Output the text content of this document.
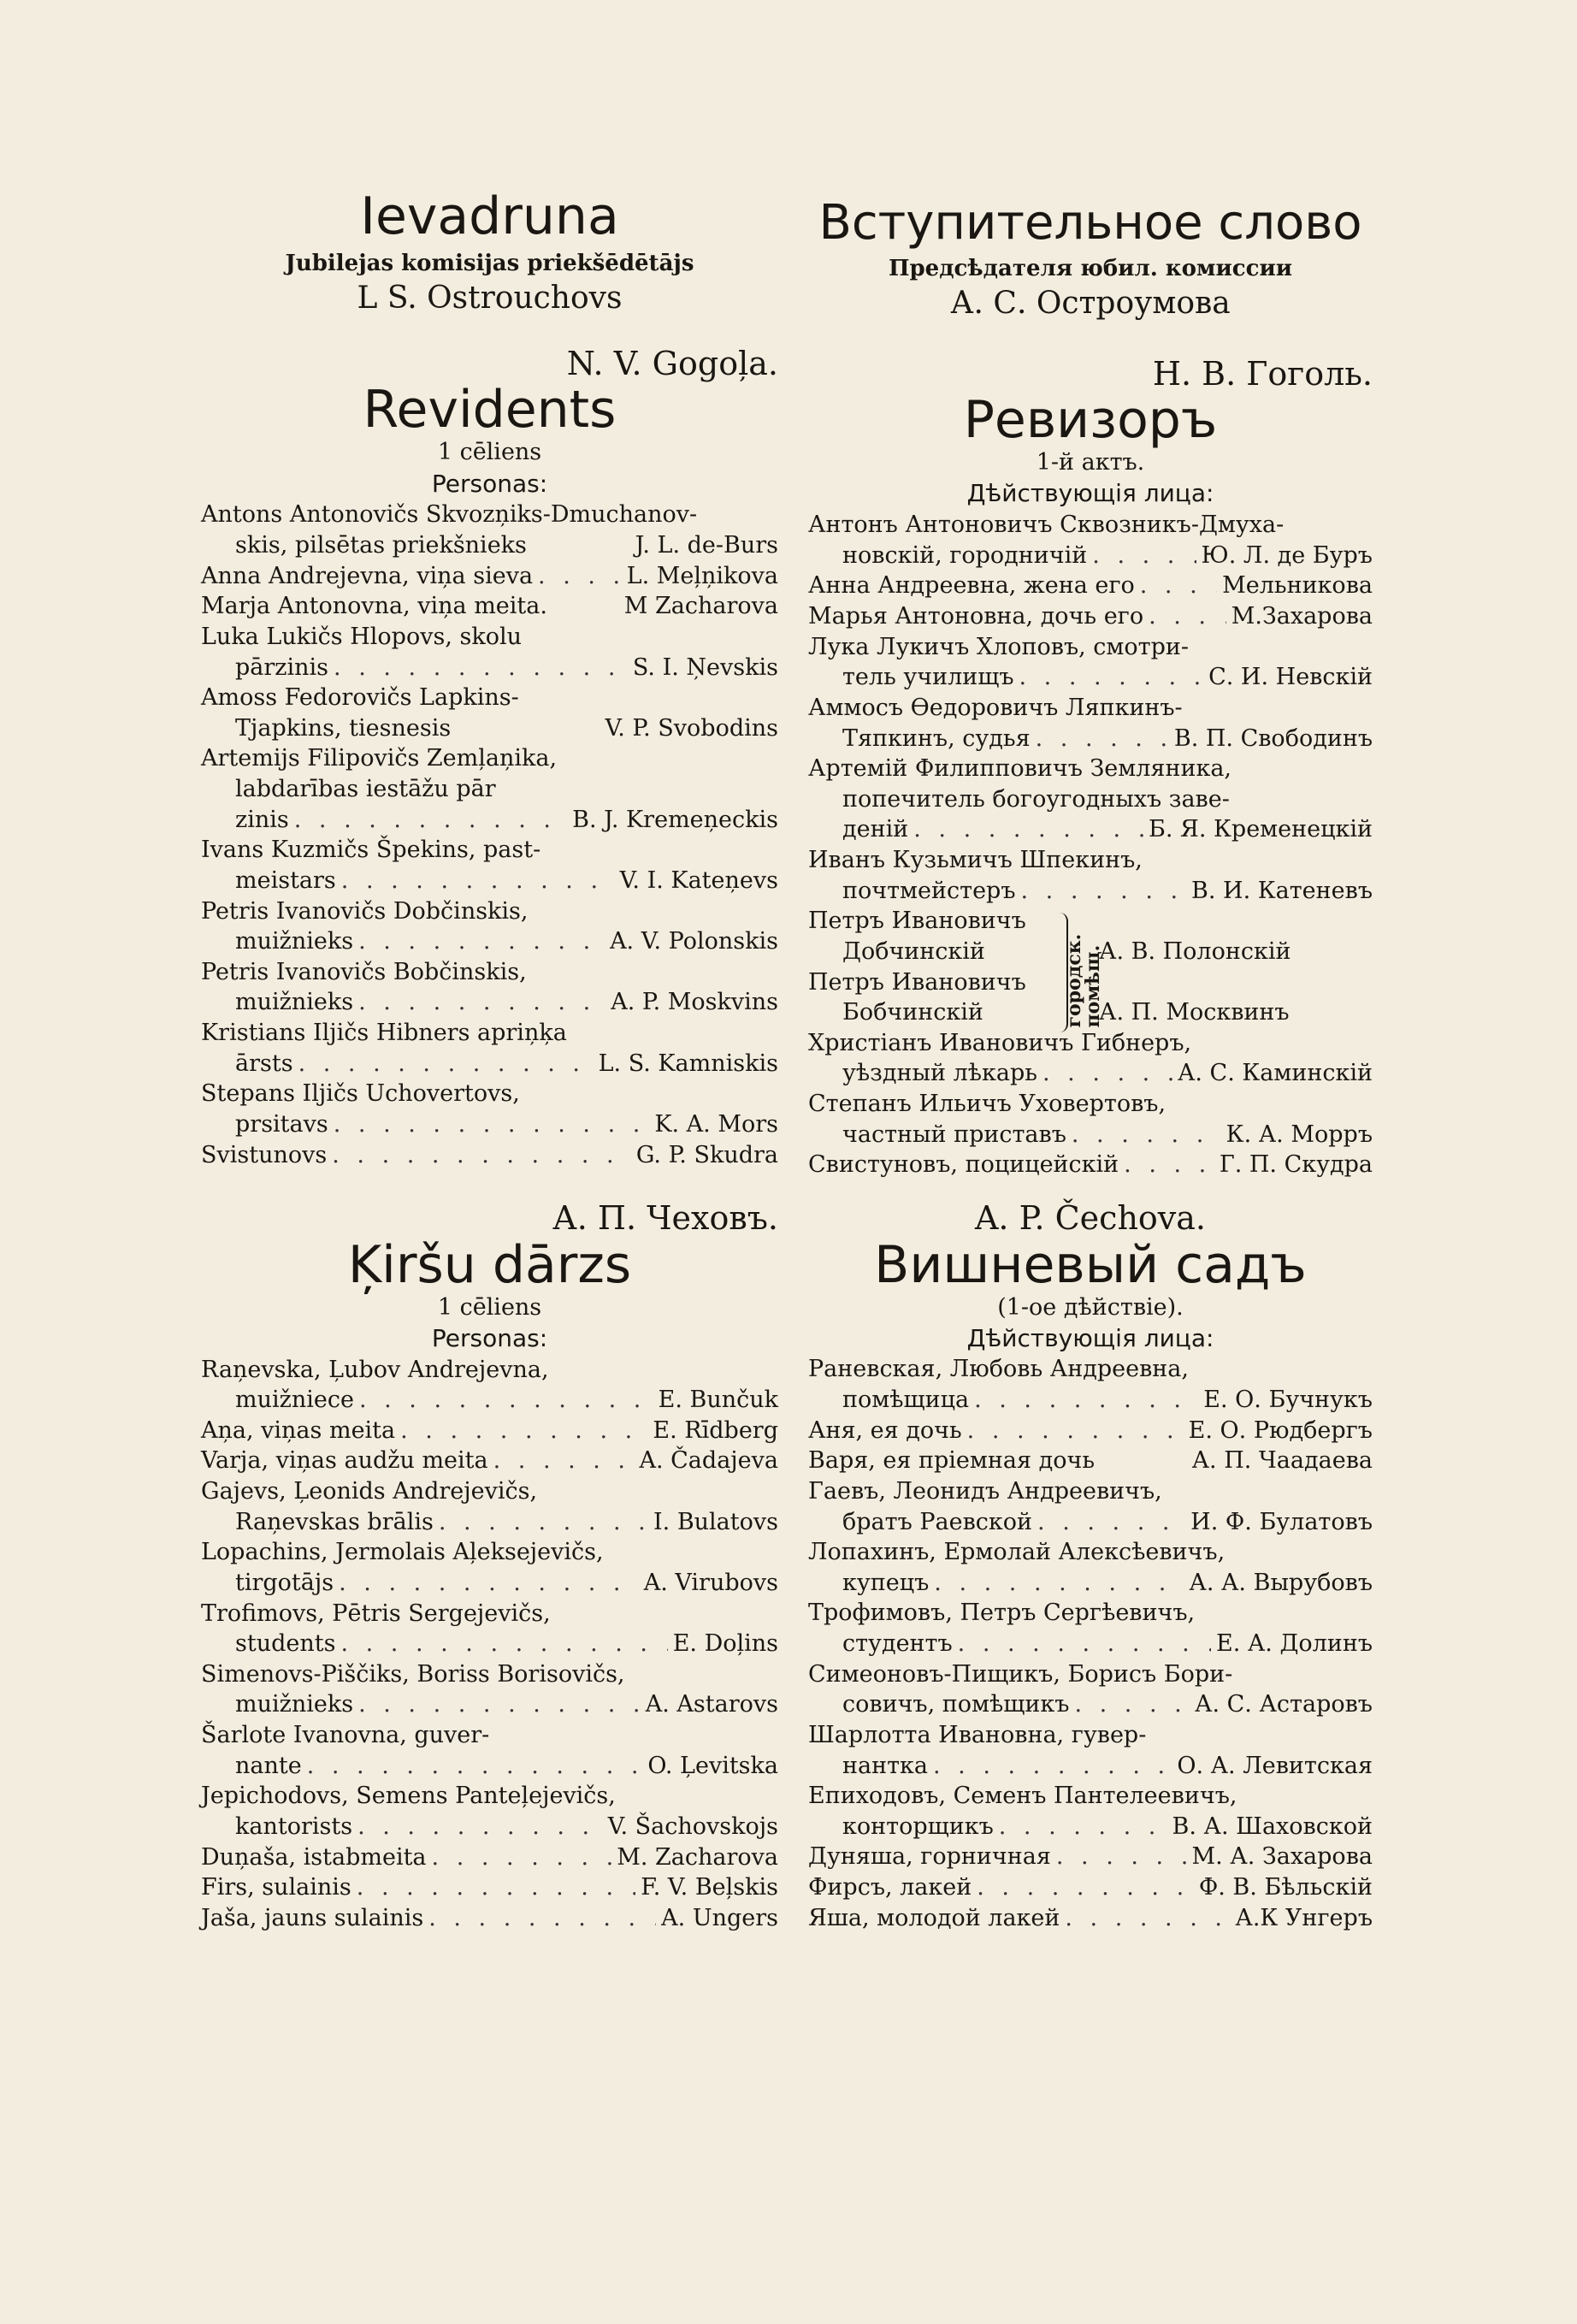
Ievadruna

Jubilejas komisijas priekšēdētājs

L S. Ostrouchovs

N. V. Gogoļa.

Revidents

1 cēliens

Personas:

Antons Antonovičs Skvozņiks-Dmuchanov-
skis, pilsētas priekšnieks	J. L. de-Burs
Anna Andrejevna, viņa sieva . . .	L. Meļņikova
Marja Antonovna, viņa meita.	M Zacharova
Luka Lukičs Hlopovs, skolu
pārzinis . . .	S. I. Ņevskis
Amoss Fedorovičs Lapkins-
Tjapkins, tiesnesis	V. P. Svobodins
Artemijs Filipovičs Zemļaņika,
labdarības iestāžu pār
zinis . . .	B. J. Kremeņeckis
Ivans Kuzmičs Špekins, past-
meistars . . .	V. I. Kateņevs
Petris Ivanovičs Dobčinskis,
muižnieks . . .	A. V. Polonskis
Petris Ivanovičs Bobčinskis,
muižnieks . . .	A. P. Moskvins
Kristians Iljičs Hibners apriņķa
ārsts . . .	L. S. Kamniskis
Stepans Iljičs Uchovertovs,
prsitavs . . .	K. A. Mors
Svistunovs . . .	G. P. Skudra

А. П. Чеховъ.

Ķiršu dārzs

1 cēliens

Personas:

Raņevska, Ļubov Andrejevna,
muižniece . . .	E. Bunčuk
Aņa, viņas meita . . .	E. Rīdberg
Varja, viņas audžu meita . . .	A. Čadajeva
Gajevs, Ļeonids Andrejevičs,
Raņevskas brālis . . .	I. Bulatovs
Lopachins, Jermolais Aļeksejevičs,
tirgotājs . . .	A. Virubovs
Trofimovs, Pētris Sergejevičs,
students . . .	E. Doļins
Simenovs-Piščiks, Boriss Borisovičs,
muižnieks . . .	A. Astarovs
Šarlote Ivanovna, guver-
nante . . .	O. Ļevitska
Jepichodovs, Semens Panteļejevičs,
kantorists . . .	V. Šachovskojs
Duņaša, istabmeita . . .	M. Zacharova
Firs, sulainis . . .	F. V. Beļskis
Jaša, jauns sulainis . . .	A. Ungers
Вступительное слово

Предсѣдателя юбил. комиссии

А. С. Остроумова

Н. В. Гоголь.

Ревизоръ

1-й актъ.

Дѣйствующія лица:

Антонъ Антоновичъ Сквозникъ-Дмуха-
новскій, городничій . . .	Ю. Л. де Буръ
Анна Андреевна, жена его . . .	Мельникова
Марья Антоновна, дочь его . . .	М.Захарова
Лука Лукичъ Хлоповъ, смотри-
тель училищъ . . .	С. И. Невскій
Аммосъ Өедоровичъ Ляпкинъ-
Тяпкинъ, судья . . .	В. П. Свободинъ
Артемій Филипповичъ Земляника,
попечитель богоугодныхъ заве-
деній . . .	Б. Я. Кременецкій
Иванъ Кузьмичъ Шпекинъ,
почтмейстеръ . . .	В. И. Катеневъ
Петръ Ивановичъ
Добчинскій	А. В. Полонскій
Петръ Ивановичъ
Бобчинскій	А. П. Москвинъ
городск. помѣщ.
Христіанъ Ивановичъ Гибнеръ,
уѣздный лѣкарь . . .	А. С. Каминскій
Степанъ Ильичъ Уховертовъ,
частный приставъ . . .	К. А. Морръ
Свистуновъ, поцицейскій . . .	Г. П. Скудра

A. P. Čechova.

Вишневый садъ

(1-ое дѣйствіе).

Дѣйствующія лица:

Раневская, Любовь Андреевна,
помѣщица . . .	Е. О. Бучнукъ
Аня, ея дочь . . .	Е. О. Рюдбергъ
Варя, ея пріемная дочь	А. П. Чаадаева
Гаевъ, Леонидъ Андреевичъ,
братъ Раевской . . .	И. Ф. Булатовъ
Лопахинъ, Ермолай Алексѣевичъ,
купецъ . . .	А. А. Вырубовъ
Трофимовъ, Петръ Сергѣевичъ,
студентъ . . .	Е. А. Долинъ
Симеоновъ-Пищикъ, Борисъ Бори-
совичъ, помѣщикъ . . .	А. С. Астаровъ
Шарлотта Ивановна, гувер-
нантка . . .	О. А. Левитская
Епиходовъ, Семенъ Пантелеевичъ,
конторщикъ . . .	В. А. Шаховской
Дуняша, горничная . . .	М. А. Захарова
Фирсъ, лакей . . .	Ф. В. Бѣльскій
Яша, молодой лакей . . .	А.К Унгеръ
